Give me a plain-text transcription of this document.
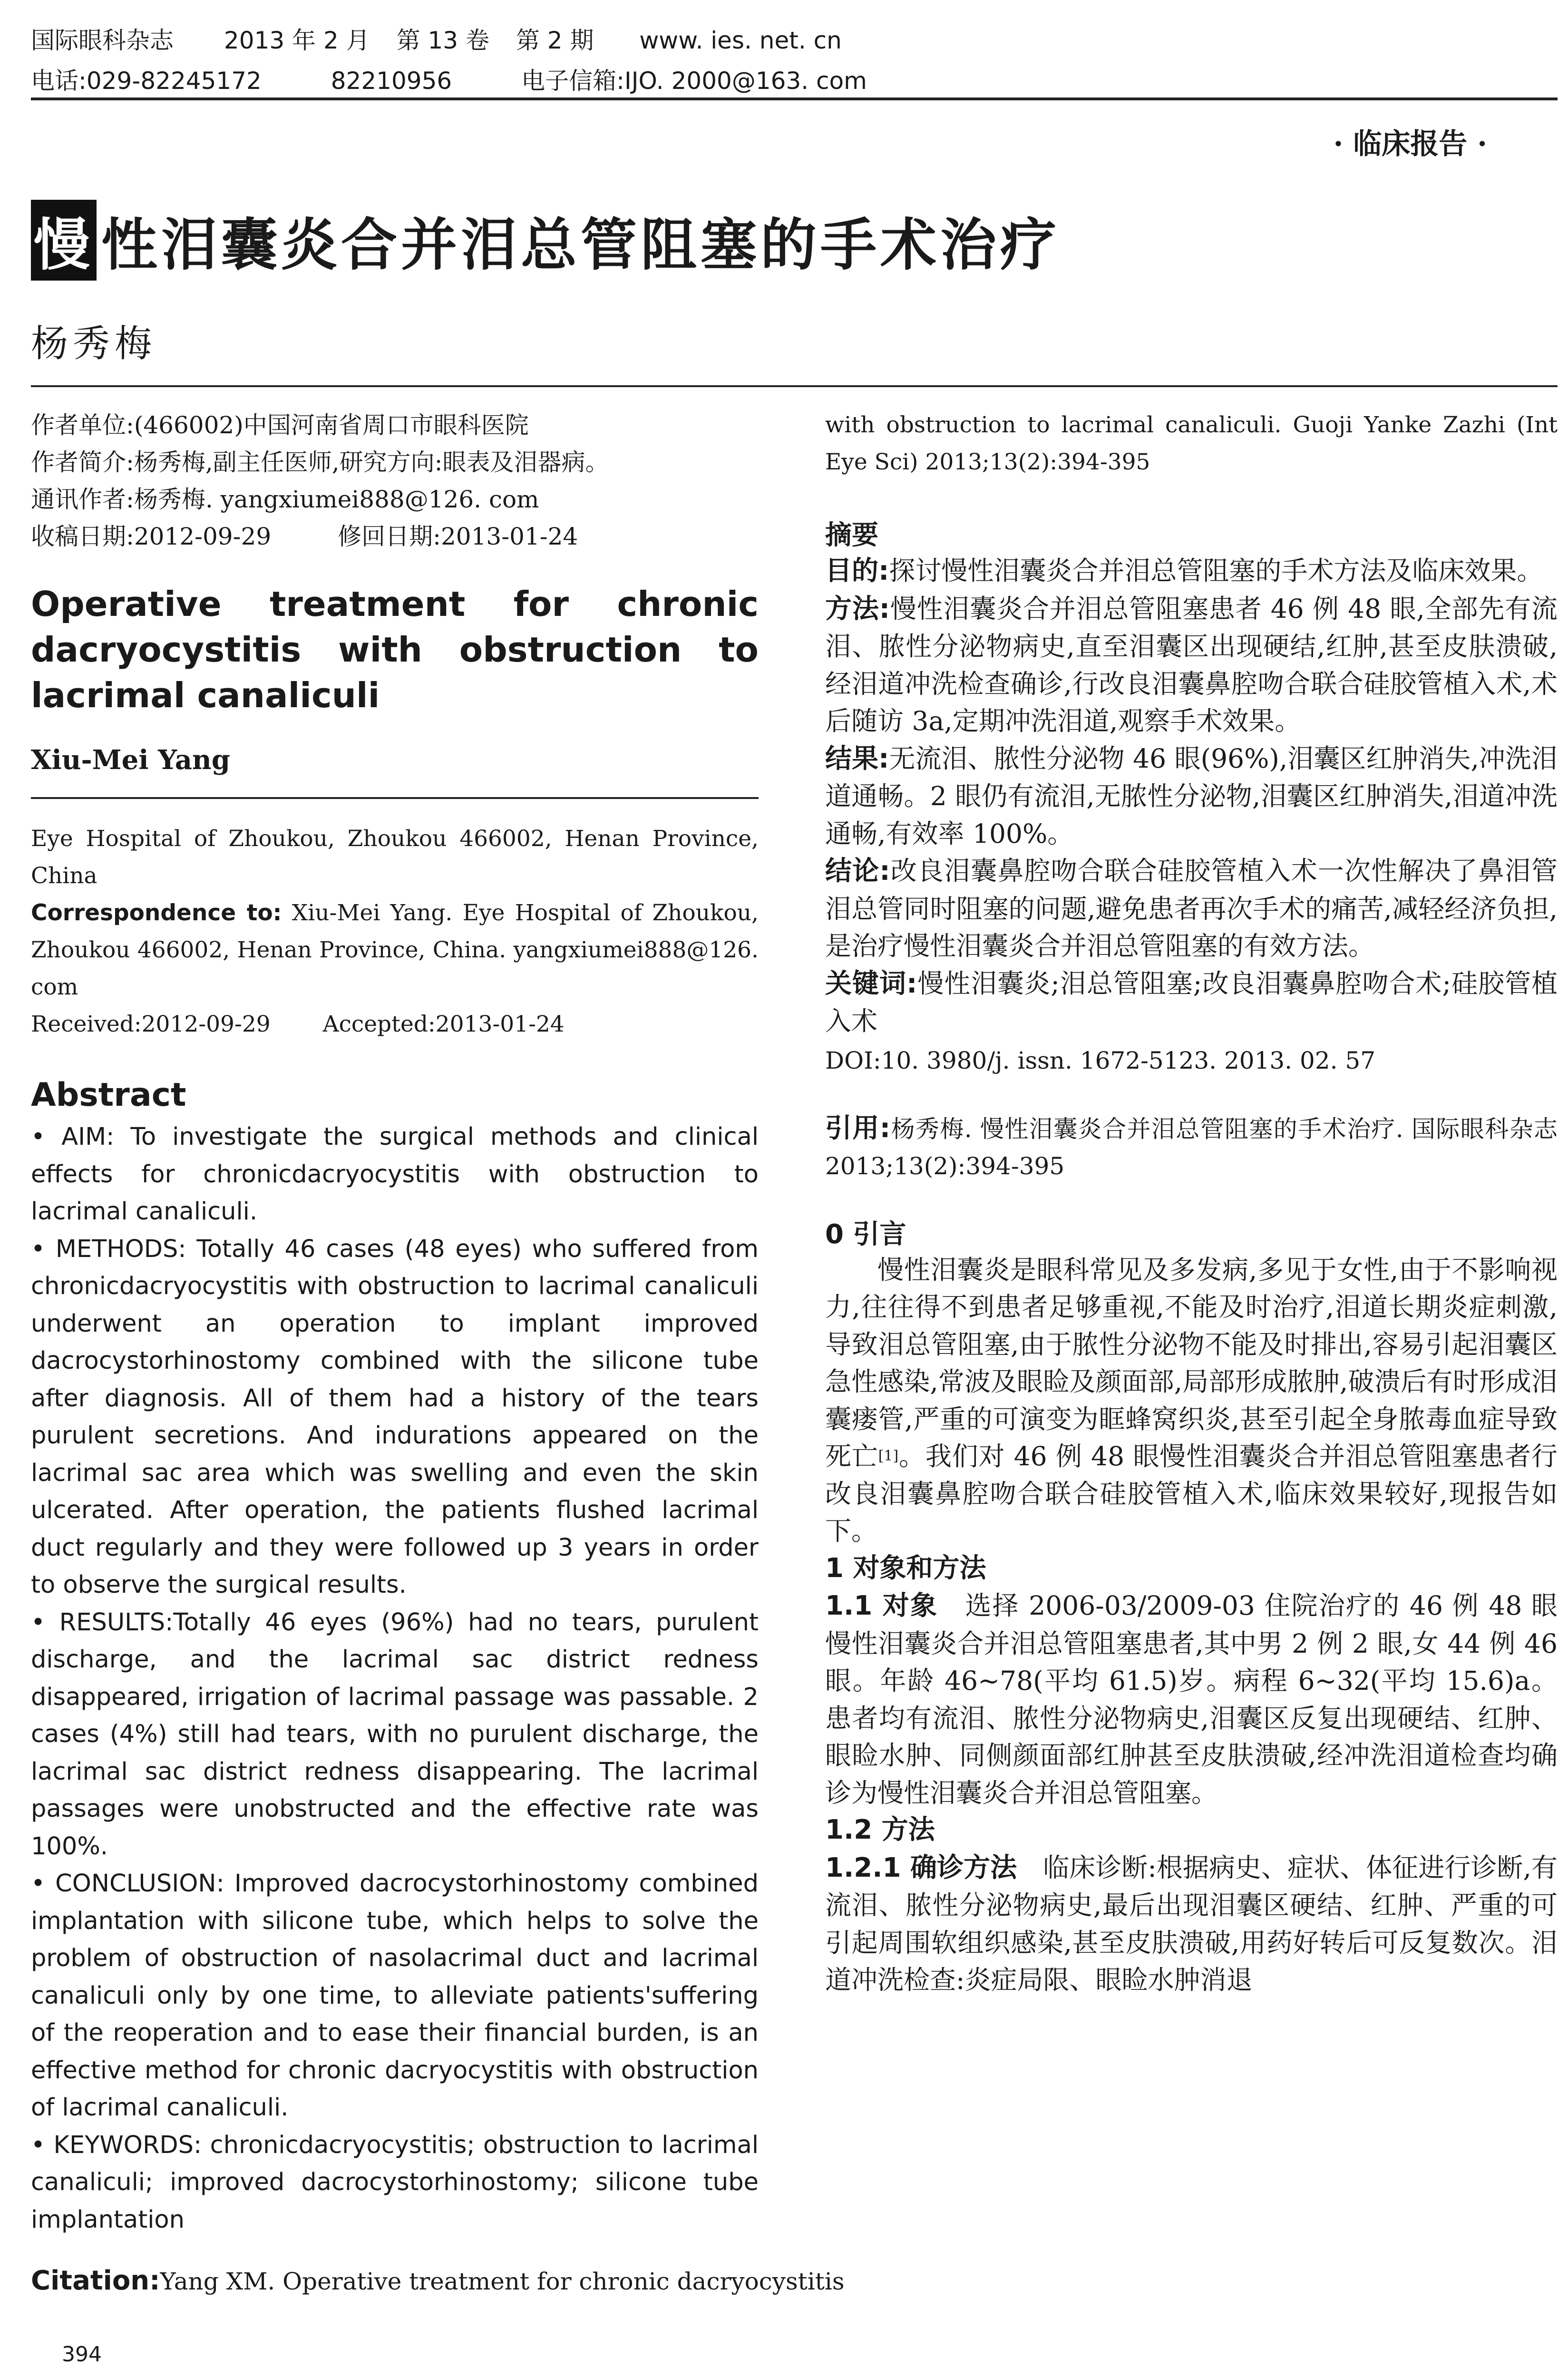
国际眼科杂志 2013 年 2 月 第 13 卷 第 2 期 www. ies. net. cn
电话:029-82245172	82210956	电子信箱:IJO. 2000@163. com
· 临床报告 ·
慢 性泪囊炎合并泪总管阻塞的手术治疗
杨秀梅
作者单位:(466002)中国河南省周口市眼科医院
作者简介:杨秀梅,副主任医师,研究方向:眼表及泪器病。
通讯作者:杨秀梅. yangxiumei888@126. com
收稿日期:2012-09-29	修回日期:2013-01-24
Operative treatment for chronic dacryocystitis with obstruction to lacrimal canaliculi
Xiu-Mei Yang
Eye Hospital of Zhoukou, Zhoukou 466002, Henan Province, China
Correspondence to: Xiu-Mei Yang. Eye Hospital of Zhoukou, Zhoukou 466002, Henan Province, China. yangxiumei888@126. com
Received:2012-09-29 Accepted:2013-01-24
Abstract

• AIM: To investigate the surgical methods and clinical effects for chronicdacryocystitis with obstruction to lacrimal canaliculi.

• METHODS: Totally 46 cases (48 eyes) who suffered from chronicdacryocystitis with obstruction to lacrimal canaliculi underwent an operation to implant improved dacrocystorhinostomy combined with the silicone tube after diagnosis. All of them had a history of the tears purulent secretions. And indurations appeared on the lacrimal sac area which was swelling and even the skin ulcerated. After operation, the patients flushed lacrimal duct regularly and they were followed up 3 years in order to observe the surgical results.

• RESULTS:Totally 46 eyes (96%) had no tears, purulent discharge, and the lacrimal sac district redness disappeared, irrigation of lacrimal passage was passable. 2 cases (4%) still had tears, with no purulent discharge, the lacrimal sac district redness disappearing. The lacrimal passages were unobstructed and the effective rate was 100%.

• CONCLUSION: Improved dacrocystorhinostomy combined implantation with silicone tube, which helps to solve the problem of obstruction of nasolacrimal duct and lacrimal canaliculi only by one time, to alleviate patients'suffering of the reoperation and to ease their financial burden, is an effective method for chronic dacryocystitis with obstruction of lacrimal canaliculi.

• KEYWORDS: chronicdacryocystitis; obstruction to lacrimal canaliculi; improved dacrocystorhinostomy; silicone tube implantation

Citation:Yang XM. Operative treatment for chronic dacryocystitis
394
with obstruction to lacrimal canaliculi. Guoji Yanke Zazhi (Int Eye Sci) 2013;13(2):394-395
摘要

目的:探讨慢性泪囊炎合并泪总管阻塞的手术方法及临床效果。

方法:慢性泪囊炎合并泪总管阻塞患者 46 例 48 眼,全部先有流泪、脓性分泌物病史,直至泪囊区出现硬结,红肿,甚至皮肤溃破,经泪道冲洗检查确诊,行改良泪囊鼻腔吻合联合硅胶管植入术,术后随访 3a,定期冲洗泪道,观察手术效果。

结果:无流泪、脓性分泌物 46 眼(96%),泪囊区红肿消失,冲洗泪道通畅。2 眼仍有流泪,无脓性分泌物,泪囊区红肿消失,泪道冲洗通畅,有效率 100%。

结论:改良泪囊鼻腔吻合联合硅胶管植入术一次性解决了鼻泪管泪总管同时阻塞的问题,避免患者再次手术的痛苦,减轻经济负担,是治疗慢性泪囊炎合并泪总管阻塞的有效方法。

关键词:慢性泪囊炎;泪总管阻塞;改良泪囊鼻腔吻合术;硅胶管植入术

DOI:10. 3980/j. issn. 1672-5123. 2013. 02. 57
引用:杨秀梅. 慢性泪囊炎合并泪总管阻塞的手术治疗. 国际眼科杂志 2013;13(2):394-395
0 引言

慢性泪囊炎是眼科常见及多发病,多见于女性,由于不影响视力,往往得不到患者足够重视,不能及时治疗,泪道长期炎症刺激,导致泪总管阻塞,由于脓性分泌物不能及时排出,容易引起泪囊区急性感染,常波及眼睑及颜面部,局部形成脓肿,破溃后有时形成泪囊瘘管,严重的可演变为眶蜂窝织炎,甚至引起全身脓毒血症导致死亡[1]。我们对 46 例 48 眼慢性泪囊炎合并泪总管阻塞患者行改良泪囊鼻腔吻合联合硅胶管植入术,临床效果较好,现报告如下。

1 对象和方法

1.1 对象 选择 2006-03/2009-03 住院治疗的 46 例 48 眼慢性泪囊炎合并泪总管阻塞患者,其中男 2 例 2 眼,女 44 例 46 眼。年龄 46~78(平均 61.5)岁。病程 6~32(平均 15.6)a。患者均有流泪、脓性分泌物病史,泪囊区反复出现硬结、红肿、眼睑水肿、同侧颜面部红肿甚至皮肤溃破,经冲洗泪道检查均确诊为慢性泪囊炎合并泪总管阻塞。

1.2 方法

1.2.1 确诊方法 临床诊断:根据病史、症状、体征进行诊断,有流泪、脓性分泌物病史,最后出现泪囊区硬结、红肿、严重的可引起周围软组织感染,甚至皮肤溃破,用药好转后可反复数次。泪道冲洗检查:炎症局限、眼睑水肿消退
